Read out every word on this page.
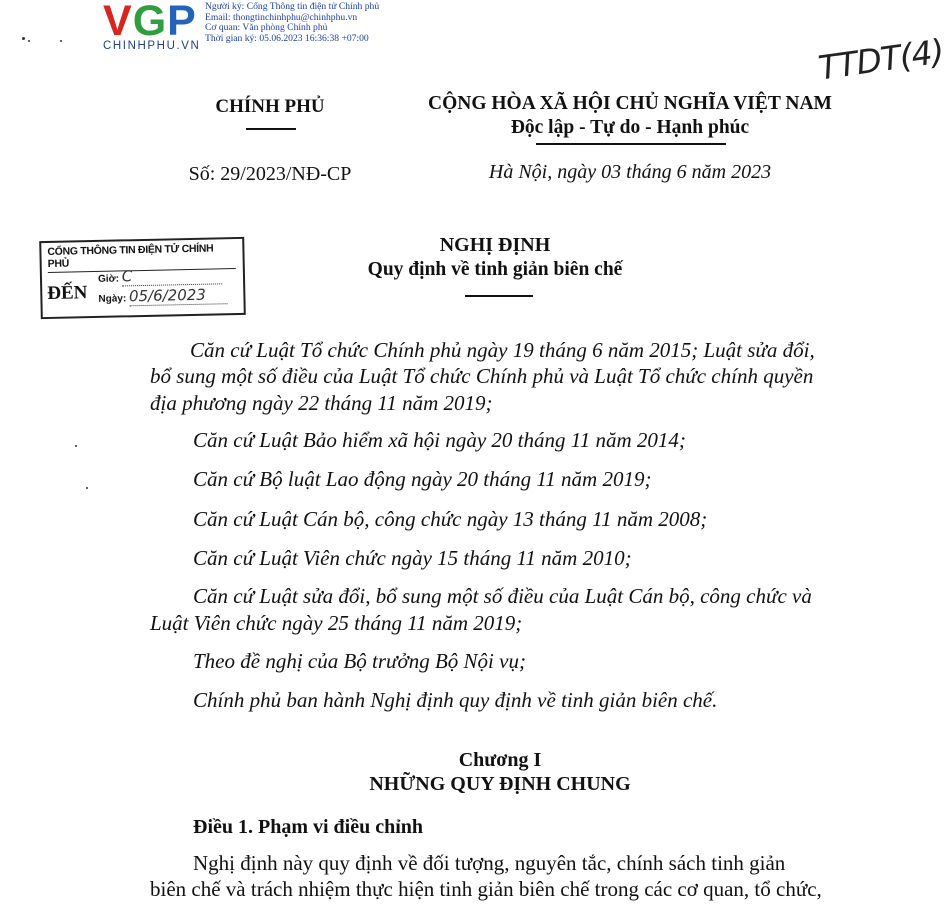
VGP
CHINHPHU.VN
Người ký: Cổng Thông tin điện tử Chính phủ
Email: thongtinchinhphu@chinhphu.vn
Cơ quan: Văn phòng Chính phủ
Thời gian ký: 05.06.2023 16:36:38 +07:00	TTDT(4)
CHÍNH PHỦ
Số: 29/2023/NĐ-CP
CỘNG HÒA XÃ HỘI CHỦ NGHĨA VIỆT NAM
Độc lập - Tự do - Hạnh phúc
Hà Nội, ngày 03 tháng 6 năm 2023
CỔNG THÔNG TIN ĐIỆN TỬ CHÍNH PHỦ
ĐẾN
Giờ: C
Ngày: 05/6/2023
NGHỊ ĐỊNH
Quy định về tinh giản biên chế
Căn cứ Luật Tổ chức Chính phủ ngày 19 tháng 6 năm 2015; Luật sửa đổi,
bổ sung một số điều của Luật Tổ chức Chính phủ và Luật Tổ chức chính quyền
địa phương ngày 22 tháng 11 năm 2019;
Căn cứ Luật Bảo hiểm xã hội ngày 20 tháng 11 năm 2014;
Căn cứ Bộ luật Lao động ngày 20 tháng 11 năm 2019;
Căn cứ Luật Cán bộ, công chức ngày 13 tháng 11 năm 2008;
Căn cứ Luật Viên chức ngày 15 tháng 11 năm 2010;
Căn cứ Luật sửa đổi, bổ sung một số điều của Luật Cán bộ, công chức và
Luật Viên chức ngày 25 tháng 11 năm 2019;
Theo đề nghị của Bộ trưởng Bộ Nội vụ;
Chính phủ ban hành Nghị định quy định về tinh giản biên chế.
Chương I
NHỮNG QUY ĐỊNH CHUNG
Điều 1. Phạm vi điều chỉnh
Nghị định này quy định về đối tượng, nguyên tắc, chính sách tinh giản
biên chế và trách nhiệm thực hiện tinh giản biên chế trong các cơ quan, tổ chức,
